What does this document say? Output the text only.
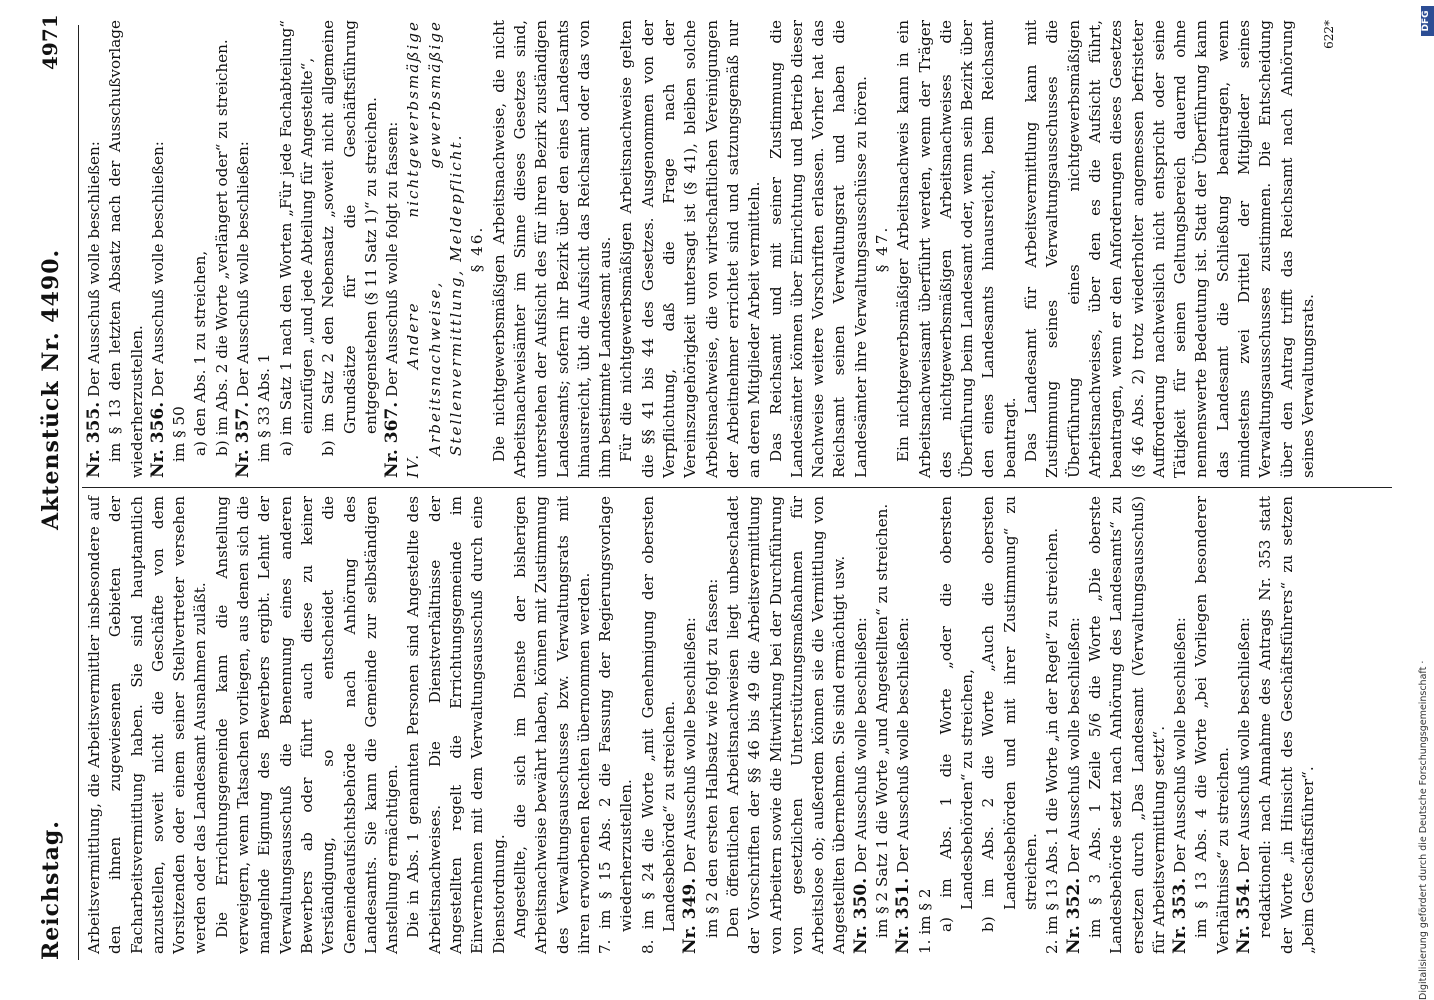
Reichstag.
Aktenstück Nr. 4490.
4971

Arbeitsvermittlung, die Arbeitsvermittler insbesondere auf den ihnen zugewiesenen Gebieten der Facharbeitsvermittlung haben. Sie sind hauptamtlich anzustellen, soweit nicht die Geschäfte von dem Vorsitzenden oder einem seiner Stellvertreter versehen werden oder das Landesamt Ausnahmen zuläßt. Die Errichtungsgemeinde kann die Anstellung verweigern, wenn Tatsachen vorliegen, aus denen sich die mangelnde Eignung des Bewerbers ergibt. Lehnt der Verwaltungsausschuß die Benennung eines anderen Bewerbers ab oder führt auch diese zu keiner Verständigung, so entscheidet die Gemeindeaufsichtsbehörde nach Anhörung des Landesamts. Sie kann die Gemeinde zur selbständigen Anstellung ermächtigen. Die in Abs. 1 genannten Personen sind Angestellte des Arbeitsnachweises. Die Dienstverhältnisse der Angestellten regelt die Errichtungsgemeinde im Einvernehmen mit dem Verwaltungsausschuß durch eine Dienstordnung. Angestellte, die sich im Dienste der bisherigen Arbeitsnachweise bewährt haben, können mit Zustimmung des Verwaltungsausschusses bzw. Verwaltungsrats mit ihren erworbenen Rechten übernommen werden. 7. im § 15 Abs. 2 die Fassung der Regierungsvorlage wiederherzustellen. 8. im § 24 die Worte „mit Genehmigung der obersten Landesbehörde“ zu streichen. Nr. 349. Der Ausschuß wolle beschließen: im § 2 den ersten Halbsatz wie folgt zu fassen: Den öffentlichen Arbeitsnachweisen liegt unbeschadet der Vorschriften der §§ 46 bis 49 die Arbeitsvermittlung von Arbeitern sowie die Mitwirkung bei der Durchführung von gesetzlichen Unterstützungsmaßnahmen für Arbeitslose ob; außerdem können sie die Vermittlung von Angestellten übernehmen. Sie sind ermächtigt usw. Nr. 350. Der Ausschuß wolle beschließen: im § 2 Satz 1 die Worte „und Angestellten“ zu streichen. Nr. 351. Der Ausschuß wolle beschließen:

1. im § 2 a) im Abs. 1 die Worte „oder die obersten Landesbehörden“ zu streichen, b) im Abs. 2 die Worte „Auch die obersten Landesbehörden und mit ihrer Zustimmung“ zu streichen. 2. im § 13 Abs. 1 die Worte „in der Regel“ zu streichen. Nr. 352. Der Ausschuß wolle beschließen: im § 3 Abs. 1 Zeile 5/6 die Worte „Die oberste Landesbehörde setzt nach Anhörung des Landesamts“ zu ersetzen durch „Das Landesamt (Verwaltungsausschuß) für Arbeitsvermittlung setzt“. Nr. 353. Der Ausschuß wolle beschließen: im § 13 Abs. 4 die Worte „bei Vorliegen besonderer Verhältnisse“ zu streichen. Nr. 354. Der Ausschuß wolle beschließen: redaktionell: nach Annahme des Antrags Nr. 353 statt der Worte „in Hinsicht des Geschäftsführers“ zu setzen „beim Geschäftsführer“.

Nr. 355. Der Ausschuß wolle beschließen: im § 13 den letzten Absatz nach der Ausschußvorlage wiederherzustellen. Nr. 356. Der Ausschuß wolle beschließen:

im § 50 a) den Abs. 1 zu streichen, b) im Abs. 2 die Worte „verlängert oder“ zu streichen. Nr. 357. Der Ausschuß wolle beschließen:

im § 33 Abs. 1 a) im Satz 1 nach den Worten „Für jede Fachabteilung“ einzufügen „und jede Abteilung für Angestellte“, b) im Satz 2 den Nebensatz „soweit nicht allgemeine Grundsätze für die Geschäftsführung entgegenstehen (§ 11 Satz 1)“ zu streichen.

Nr. 367. Der Ausschuß wolle folgt zu fassen: IV. Andere nichtgewerbsmäßige Arbeitsnachweise, gewerbsmäßige Stellenvermittlung, Meldepflicht. § 46. Die nichtgewerbsmäßigen Arbeitsnachweise, die nicht Arbeitsnachweisämter im Sinne dieses Gesetzes sind, unterstehen der Aufsicht des für ihren Bezirk zuständigen Landesamts; sofern ihr Bezirk über den eines Landesamts hinausreicht, übt die Aufsicht das Reichsamt oder das von ihm bestimmte Landesamt aus. Für die nichtgewerbsmäßigen Arbeitsnachweise gelten die §§ 41 bis 44 des Gesetzes. Ausgenommen von der Verpflichtung, daß die Frage nach der Vereinszugehörigkeit untersagt ist (§ 41), bleiben solche Arbeitsnachweise, die von wirtschaftlichen Vereinigungen der Arbeitnehmer errichtet sind und satzungsgemäß nur an deren Mitglieder Arbeit vermitteln. Das Reichsamt und mit seiner Zustimmung die Landesämter können über Einrichtung und Betrieb dieser Nachweise weitere Vorschriften erlassen. Vorher hat das Reichsamt seinen Verwaltungsrat und haben die Landesämter ihre Verwaltungsausschüsse zu hören. § 47. Ein nichtgewerbsmäßiger Arbeitsnachweis kann in ein Arbeitsnachweisamt überführt werden, wenn der Träger des nichtgewerbsmäßigen Arbeitsnachweises die Überführung beim Landesamt oder, wenn sein Bezirk über den eines Landesamts hinausreicht, beim Reichsamt beantragt. Das Landesamt für Arbeitsvermittlung kann mit Zustimmung seines Verwaltungsausschusses die Überführung eines nichtgewerbsmäßigen Arbeitsnachweises, über den es die Aufsicht führt, beantragen, wenn er den Anforderungen dieses Gesetzes (§ 46 Abs. 2) trotz wiederholter angemessen befristeter Aufforderung nachweislich nicht entspricht oder seine Tätigkeit für seinen Geltungsbereich dauernd ohne nennenswerte Bedeutung ist. Statt der Überführung kann das Landesamt die Schließung beantragen, wenn mindestens zwei Drittel der Mitglieder seines Verwaltungsausschusses zustimmen. Die Entscheidung über den Antrag trifft das Reichsamt nach Anhörung seines Verwaltungsrats.

622*

Digitalisierung gefördert durch die Deutsche Forschungsgemeinschaft ·
DFG
